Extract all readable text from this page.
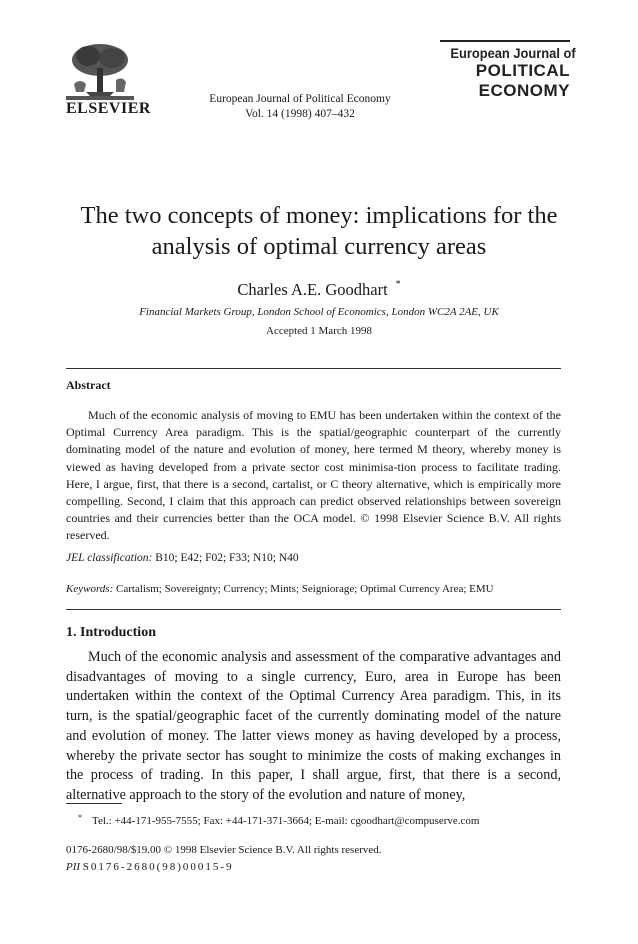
ELSEVIER
European Journal of Political Economy
Vol. 14 (1998) 407–432
European Journal of
POLITICAL
ECONOMY
The two concepts of money: implications for the analysis of optimal currency areas
Charles A.E. Goodhart *
Financial Markets Group, London School of Economics, London WC2A 2AE, UK
Accepted 1 March 1998
Abstract
Much of the economic analysis of moving to EMU has been undertaken within the context of the Optimal Currency Area paradigm. This is the spatial/geographic counterpart of the currently dominating model of the nature and evolution of money, here termed M theory, whereby money is viewed as having developed from a private sector cost minimisa-tion process to facilitate trading. Here, I argue, first, that there is a second, cartalist, or C theory alternative, which is empirically more compelling. Second, I claim that this approach can predict observed relationships between sovereign countries and their currencies better than the OCA model. © 1998 Elsevier Science B.V. All rights reserved.
JEL classification: B10; E42; F02; F33; N10; N40
Keywords: Cartalism; Sovereignty; Currency; Mints; Seigniorage; Optimal Currency Area; EMU
1. Introduction
Much of the economic analysis and assessment of the comparative advantages and disadvantages of moving to a single currency, Euro, area in Europe has been undertaken within the context of the Optimal Currency Area paradigm. This, in its turn, is the spatial/geographic facet of the currently dominating model of the nature and evolution of money. The latter views money as having developed by a process, whereby the private sector has sought to minimize the costs of making exchanges in the process of trading. In this paper, I shall argue, first, that there is a second, alternative approach to the story of the evolution and nature of money,
* Tel.: +44-171-955-7555; Fax: +44-171-371-3664; E-mail: cgoodhart@compuserve.com
0176-2680/98/$19.00 © 1998 Elsevier Science B.V. All rights reserved.
PII S0176-2680(98)00015-9
